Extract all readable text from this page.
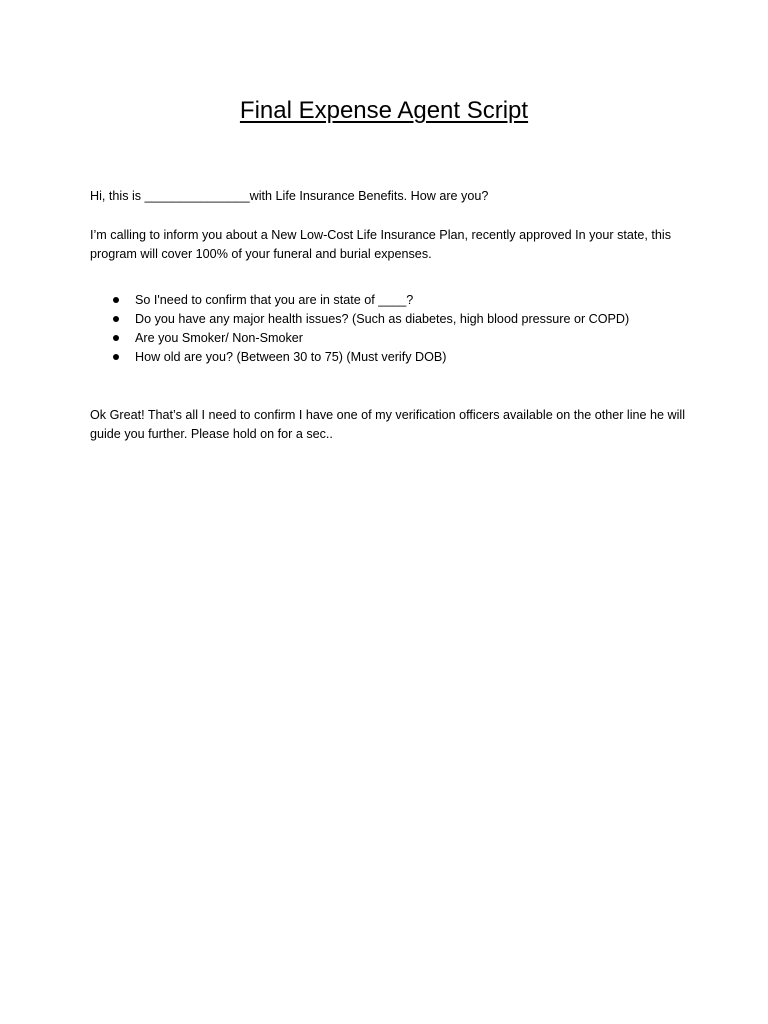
Final Expense Agent Script
Hi, this is _______________with Life Insurance Benefits. How are you?
I’m calling to inform you about a New Low-Cost Life Insurance Plan, recently approved In your state, this program will cover 100% of your funeral and burial expenses.
So I'need to confirm that you are in state of ____?
Do you have any major health issues? (Such as diabetes, high blood pressure or COPD)
Are you Smoker/ Non-Smoker
How old are you? (Between 30 to 75) (Must verify DOB)
Ok Great! That’s all I need to confirm I have one of my verification officers available on the other line he will guide you further. Please hold on for a sec..
